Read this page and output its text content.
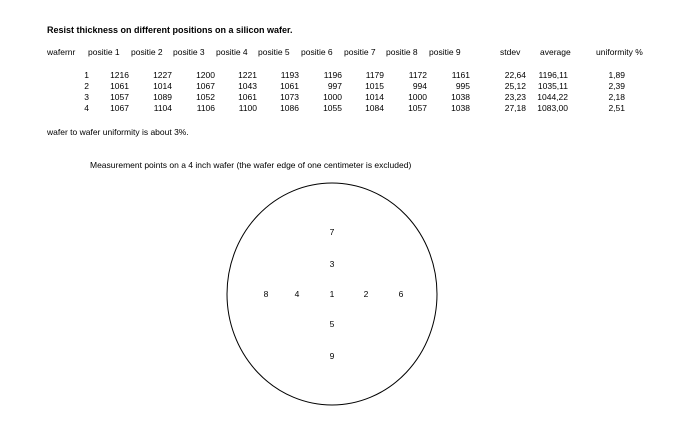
Resist thickness on different positions on a silicon wafer.
wafernr positie 1 positie 2 positie 3 positie 4 positie 5 positie 6 positie 7 positie 8 positie 9	stdev average	uniformity %
1 1216	1227	1200	1221	1193	1196	1179	1172	1161	22,64 1196,11	1,89
2 1061	1014	1067	1043	1061	997	1015	994	995	25,12 1035,11	2,39
3 1057	1089	1052	1061	1073	1000	1014	1000	1038	23,23 1044,22	2,18
4 1067	1104	1106	1100	1086	1055	1084	1057	1038	27,18 1083,00	2,51
wafer to wafer uniformity is about 3%.
Measurement points on a 4 inch wafer (the wafer edge of one centimeter is excluded)
7
3
8	4	1	2	6
5
9
